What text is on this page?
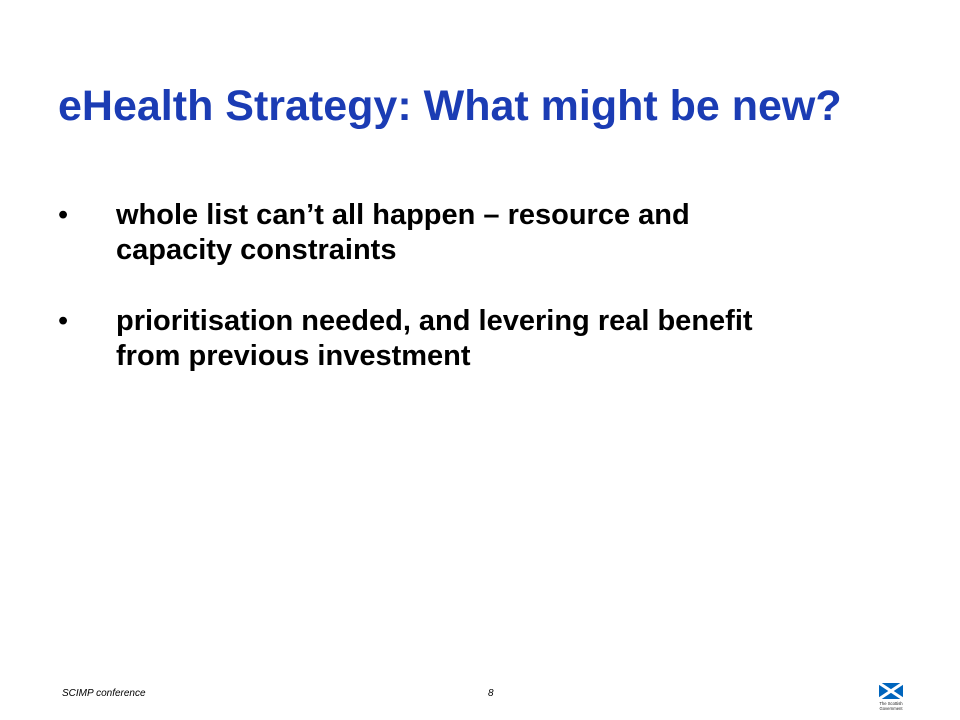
eHealth Strategy: What might be new?
• whole list can’t all happen – resource and
capacity constraints
• prioritisation needed, and levering real benefit
from previous investment
SCIMP conference	8
The Scottish
Government
